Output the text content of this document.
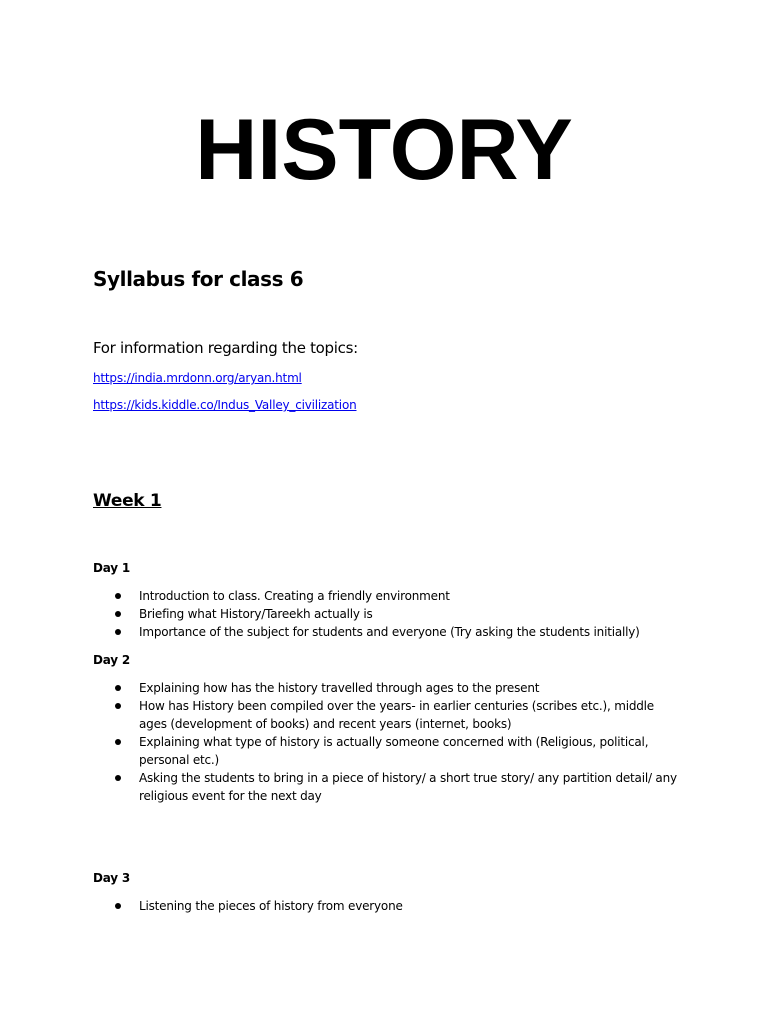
HISTORY
Syllabus for class 6
For information regarding the topics:
https://india.mrdonn.org/aryan.html
https://kids.kiddle.co/Indus_Valley_civilization
Week 1
Day 1
Introduction to class. Creating a friendly environment
Briefing what History/Tareekh actually is
Importance of the subject for students and everyone (Try asking the students initially)
Day 2
Explaining how has the history travelled through ages to the present
How has History been compiled over the years- in earlier centuries (scribes etc.), middle ages (development of books) and recent years (internet, books)
Explaining what type of history is actually someone concerned with (Religious, political, personal etc.)
Asking the students to bring in a piece of history/ a short true story/ any partition detail/ any religious event for the next day
Day 3
Listening the pieces of history from everyone
